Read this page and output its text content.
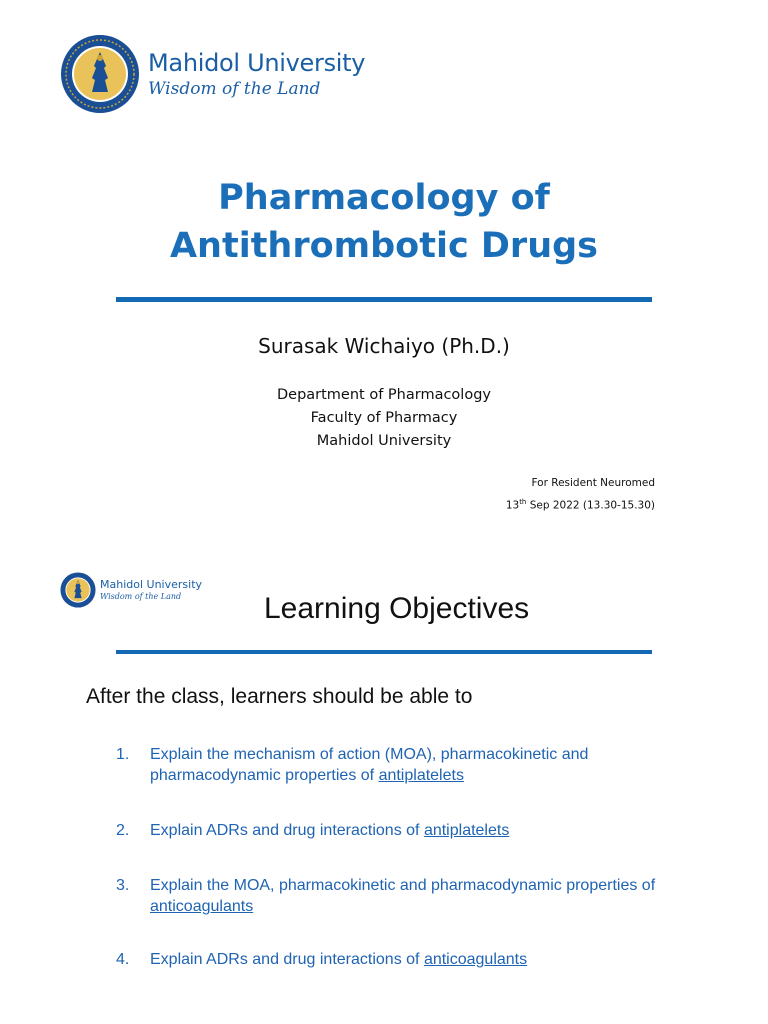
Mahidol University
Wisdom of the Land
Pharmacology of
Antithrombotic Drugs
Surasak Wichaiyo (Ph.D.)
Department of Pharmacology
Faculty of Pharmacy
Mahidol University
For Resident Neuromed
13th Sep 2022 (13.30-15.30)
Mahidol University
Wisdom of the Land	Learning Objectives
After the class, learners should be able to
1.	Explain the mechanism of action (MOA), pharmacokinetic and pharmacodynamic properties of antiplatelets
2.	Explain ADRs and drug interactions of antiplatelets
3.	Explain the MOA, pharmacokinetic and pharmacodynamic properties of anticoagulants
4.	Explain ADRs and drug interactions of anticoagulants
